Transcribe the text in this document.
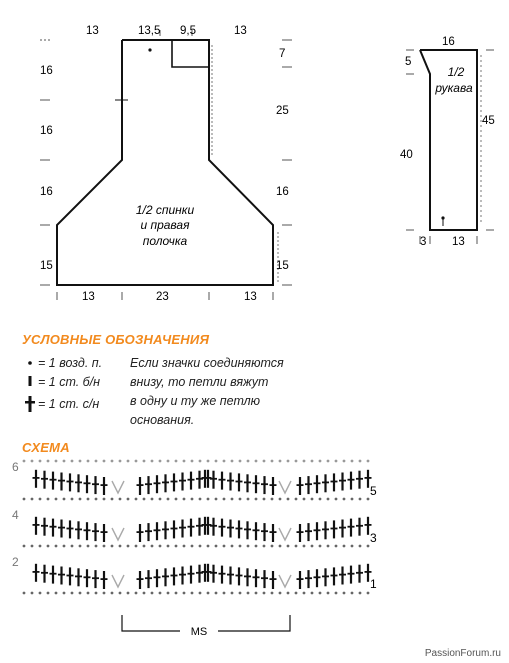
13	13,5 9,5	13
16
16
16
15
7
25
16
15
13	23	13
1/2 спинки
и правая
полочка
16
5
40
45
3 13
1/2
рукава
УСЛОВНЫЕ ОБОЗНАЧЕНИЯ
= 1 возд. п.
= 1 ст. б/н
= 1 ст. с/н
Если значки соединяются
внизу, то петли вяжут
в одну и ту же петлю
основания.
СХЕМА
6
4
2
5
3
1
MS
PassionForum.ru
